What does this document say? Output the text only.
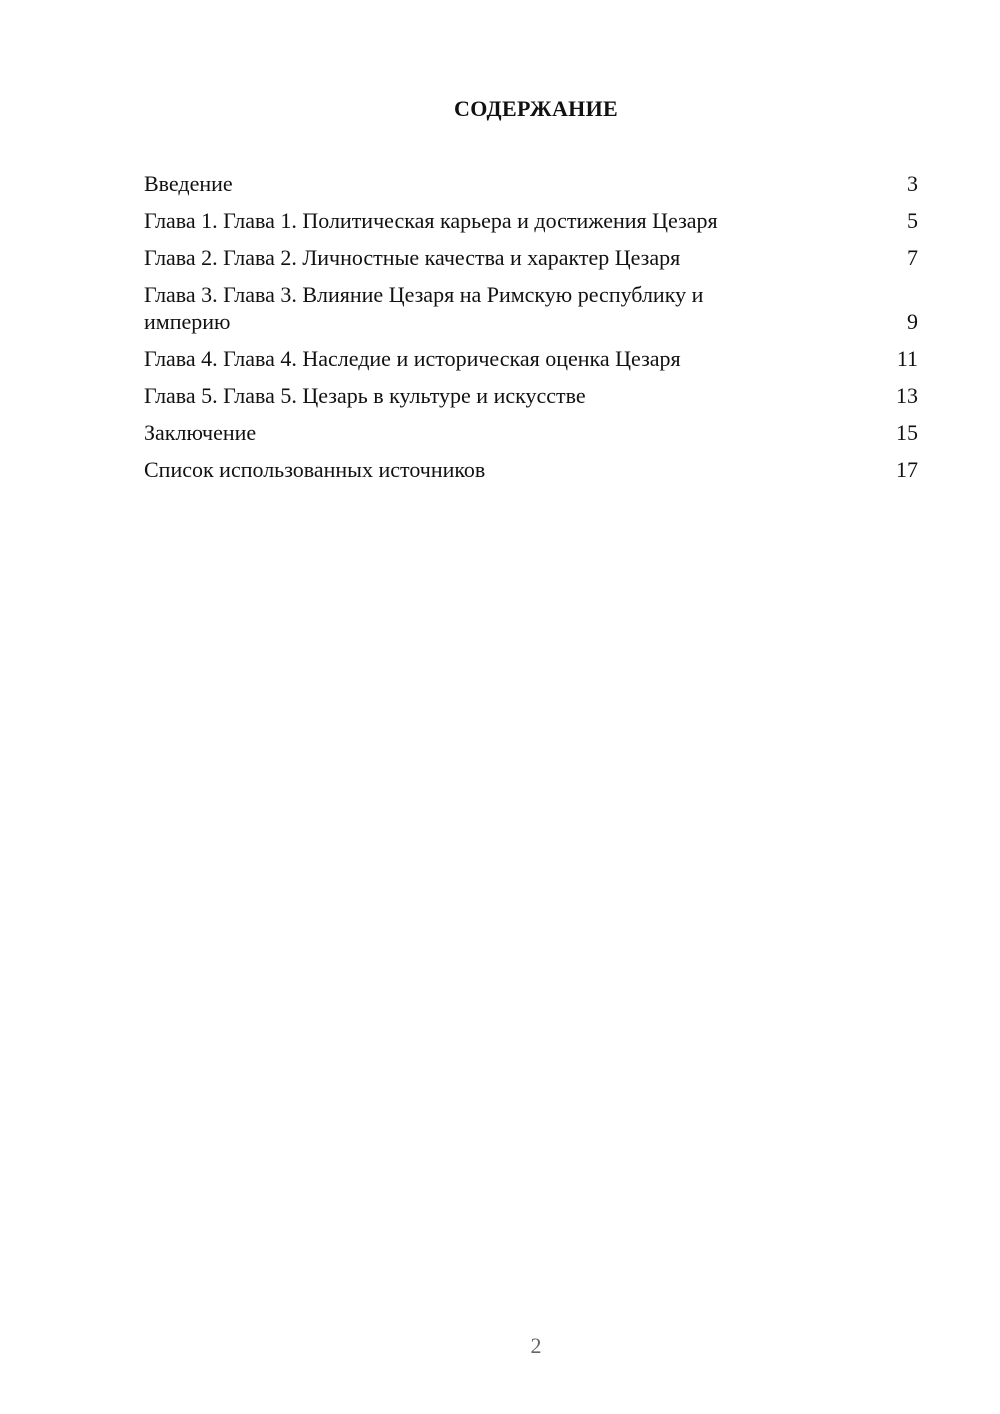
СОДЕРЖАНИЕ
Введение	3
Глава 1. Глава 1. Политическая карьера и достижения Цезаря	5
Глава 2. Глава 2. Личностные качества и характер Цезаря	7
Глава 3. Глава 3. Влияние Цезаря на Римскую республику и империю	9
Глава 4. Глава 4. Наследие и историческая оценка Цезаря	11
Глава 5. Глава 5. Цезарь в культуре и искусстве	13
Заключение	15
Список использованных источников	17
2
